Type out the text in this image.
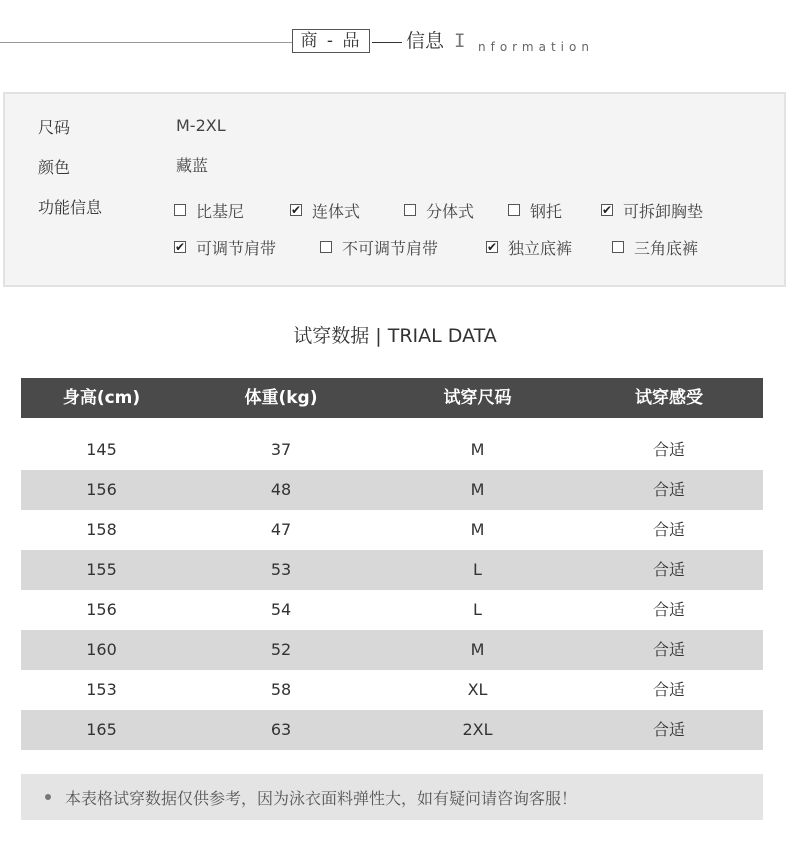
商 - 品	信息 I nformation
尺码	M-2XL
颜色	藏蓝
功能信息	比基尼	✔ 连体式	分体式	钢托	✔ 可拆卸胸垫
✔ 可调节肩带	不可调节肩带	✔ 独立底裤	三角底裤
试穿数据 | TRIAL DATA
身高(cm)	体重(kg)	试穿尺码	试穿感受
145	37	M	合适
156	48	M	合适
158	47	M	合适
155	53	L	合适
156	54	L	合适
160	52	M	合适
153	58	XL	合适
165	63	2XL	合适
本表格试穿数据仅供参考，因为泳衣面料弹性大，如有疑问请咨询客服！
